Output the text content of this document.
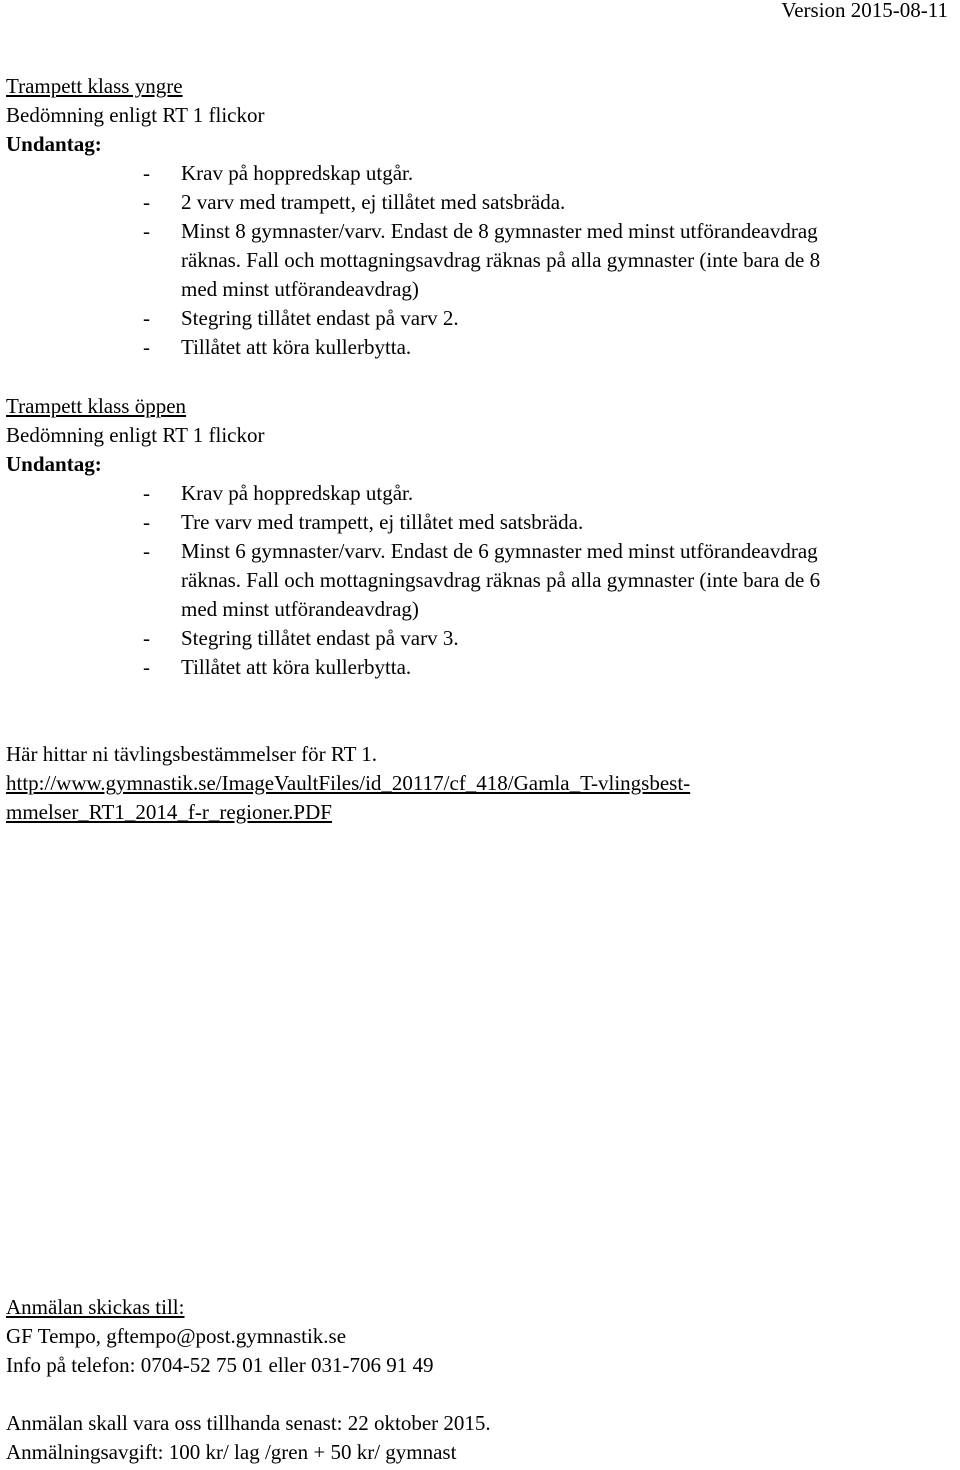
Version 2015-08-11
Trampett klass yngre
Bedömning enligt RT 1 flickor
Undantag:
- Krav på hoppredskap utgår.
- 2 varv med trampett, ej tillåtet med satsbräda.
- Minst 8 gymnaster/varv. Endast de 8 gymnaster med minst utförandeavdrag
räknas. Fall och mottagningsavdrag räknas på alla gymnaster (inte bara de 8
med minst utförandeavdrag)
- Stegring tillåtet endast på varv 2.
- Tillåtet att köra kullerbytta.
Trampett klass öppen
Bedömning enligt RT 1 flickor
Undantag:
- Krav på hoppredskap utgår.
- Tre varv med trampett, ej tillåtet med satsbräda.
- Minst 6 gymnaster/varv. Endast de 6 gymnaster med minst utförandeavdrag
räknas. Fall och mottagningsavdrag räknas på alla gymnaster (inte bara de 6
med minst utförandeavdrag)
- Stegring tillåtet endast på varv 3.
- Tillåtet att köra kullerbytta.
Här hittar ni tävlingsbestämmelser för RT 1.
http://www.gymnastik.se/ImageVaultFiles/id_20117/cf_418/Gamla_T-vlingsbest-
mmelser_RT1_2014_f-r_regioner.PDF
Anmälan skickas till:
GF Tempo, gftempo@post.gymnastik.se
Info på telefon: 0704-52 75 01 eller 031-706 91 49
Anmälan skall vara oss tillhanda senast: 22 oktober 2015.
Anmälningsavgift: 100 kr/ lag /gren + 50 kr/ gymnast
